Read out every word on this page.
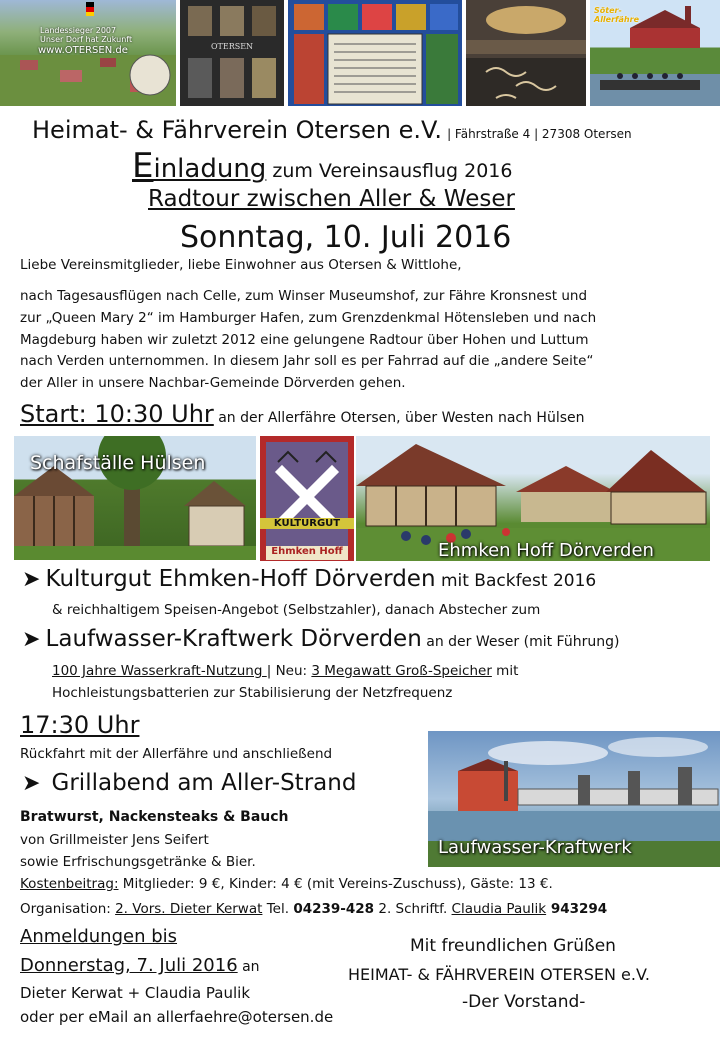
Landessieger 2007
Unser Dorf hat Zukunft
www.OTERSEN.de	OTERSEN
Söter-Allerfähre
Heimat- & Fährverein Otersen e.V. | Fährstraße 4 | 27308 Otersen
Einladung zum Vereinsausflug 2016
Radtour zwischen Aller & Weser
Sonntag, 10. Juli 2016
Liebe Vereinsmitglieder, liebe Einwohner aus Otersen & Wittlohe,
nach Tagesausflügen nach Celle, zum Winser Museumshof, zur Fähre Kronsnest und
zur „Queen Mary 2“ im Hamburger Hafen, zum Grenzdenkmal Hötensleben und nach
Magdeburg haben wir zuletzt 2012 eine gelungene Radtour über Hohen und Luttum
nach Verden unternommen. In diesem Jahr soll es per Fahrrad auf die „andere Seite“
der Aller in unsere Nachbar-Gemeinde Dörverden gehen.
Start: 10:30 Uhr an der Allerfähre Otersen, über Westen nach Hülsen
Schafställe Hülsen
KULTURGUT
Ehmken Hoff	Ehmken Hoff Dörverden
➤ Kulturgut Ehmken-Hoff Dörverden mit Backfest 2016
& reichhaltigem Speisen-Angebot (Selbstzahler), danach Abstecher zum
➤ Laufwasser-Kraftwerk Dörverden an der Weser (mit Führung)
100 Jahre Wasserkraft-Nutzung | Neu: 3 Megawatt Groß-Speicher mit
Hochleistungsbatterien zur Stabilisierung der Netzfrequenz
17:30 Uhr
Rückfahrt mit der Allerfähre und anschließend
➤ Grillabend am Aller-Strand
Laufwasser-Kraftwerk
Bratwurst, Nackensteaks & Bauch
von Grillmeister Jens Seifert
sowie Erfrischungsgetränke & Bier.
Kostenbeitrag: Mitglieder: 9 €, Kinder: 4 € (mit Vereins-Zuschuss), Gäste: 13 €.
Organisation: 2. Vors. Dieter Kerwat Tel. 04239-428 2. Schriftf. Claudia Paulik 943294
Anmeldungen bis
Donnerstag, 7. Juli 2016 an
Dieter Kerwat + Claudia Paulik
oder per eMail an allerfaehre@otersen.de
Mit freundlichen Grüßen
HEIMAT- & FÄHRVEREIN OTERSEN e.V.
-Der Vorstand-
